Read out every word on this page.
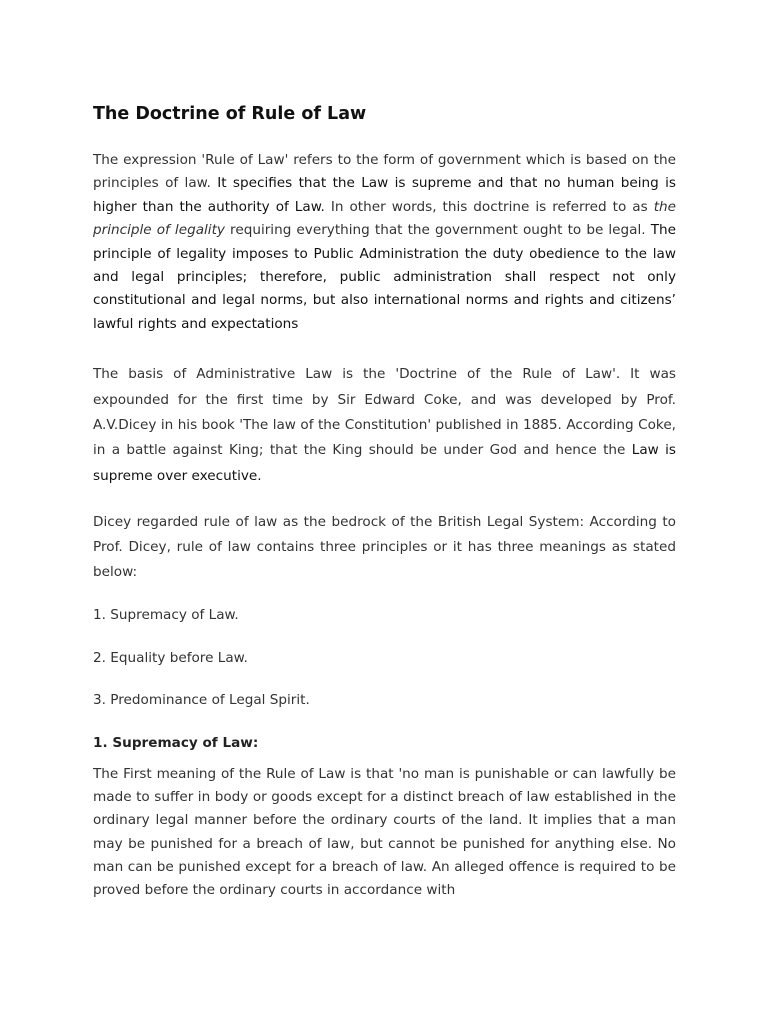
The Doctrine of Rule of Law

The expression 'Rule of Law' refers to the form of government which is based on the principles of law. It specifies that the Law is supreme and that no human being is higher than the authority of Law. In other words, this doctrine is referred to as the principle of legality requiring everything that the government ought to be legal. The principle of legality imposes to Public Administration the duty obedience to the law and legal principles; therefore, public administration shall respect not only constitutional and legal norms, but also international norms and rights and citizens’ lawful rights and expectations

The basis of Administrative Law is the 'Doctrine of the Rule of Law'. It was expounded for the first time by Sir Edward Coke, and was developed by Prof. A.V.Dicey in his book 'The law of the Constitution' published in 1885. According Coke, in a battle against King; that the King should be under God and hence the Law is supreme over executive.

Dicey regarded rule of law as the bedrock of the British Legal System: According to Prof. Dicey, rule of law contains three principles or it has three meanings as stated below:

1. Supremacy of Law.

2. Equality before Law.

3. Predominance of Legal Spirit.

1. Supremacy of Law:

The First meaning of the Rule of Law is that 'no man is punishable or can lawfully be made to suffer in body or goods except for a distinct breach of law established in the ordinary legal manner before the ordinary courts of the land. It implies that a man may be punished for a breach of law, but cannot be punished for anything else. No man can be punished except for a breach of law. An alleged offence is required to be proved before the ordinary courts in accordance with
